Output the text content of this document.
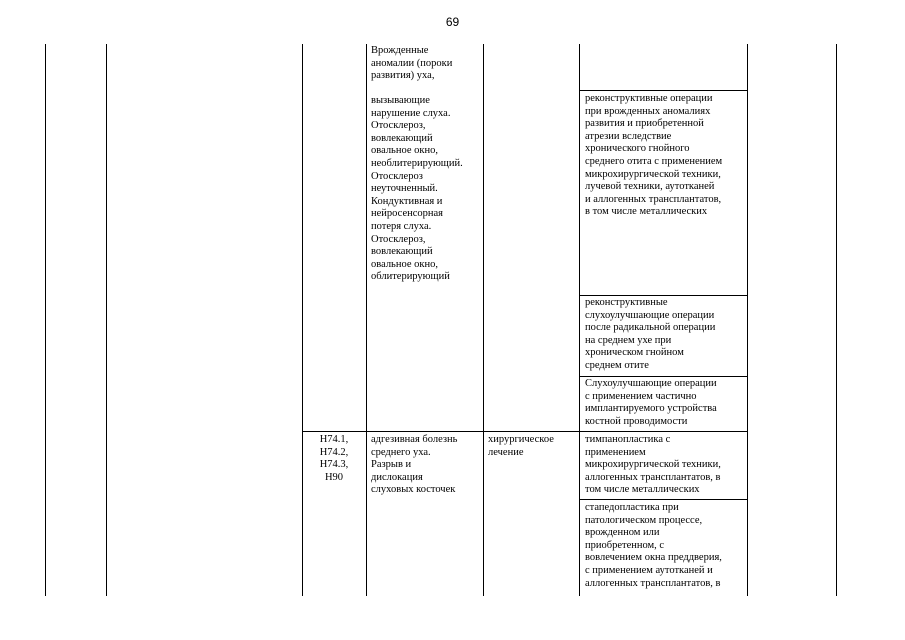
69
Врожденные
аномалии (пороки
развития) уха,
вызывающие
нарушение слуха.
Отосклероз,
вовлекающий
овальное окно,
необлитерирующий.
Отосклероз
неуточненный.
Кондуктивная и
нейросенсорная
потеря слуха.
Отосклероз,
вовлекающий
овальное окно,
облитерирующий
реконструктивные операции
при врожденных аномалиях
развития и приобретенной
атрезии вследствие
хронического гнойного
среднего отита с применением
микрохирургической техники,
лучевой техники, аутотканей
и аллогенных трансплантатов,
в том числе металлических
реконструктивные
слухоулучшающие операции
после радикальной операции
на среднем ухе при
хроническом гнойном
среднем отите
Слухоулучшающие операции
с применением частично
имплантируемого устройства
костной проводимости
H74.1,
H74.2,
H74.3,
H90
адгезивная болезнь
среднего уха.
Разрыв и
дислокация
слуховых косточек
хирургическое
лечение
тимпанопластика с
применением
микрохирургической техники,
аллогенных трансплантатов, в
том числе металлических
стапедопластика при
патологическом процессе,
врожденном или
приобретенном, с
вовлечением окна преддверия,
с применением аутотканей и
аллогенных трансплантатов, в
